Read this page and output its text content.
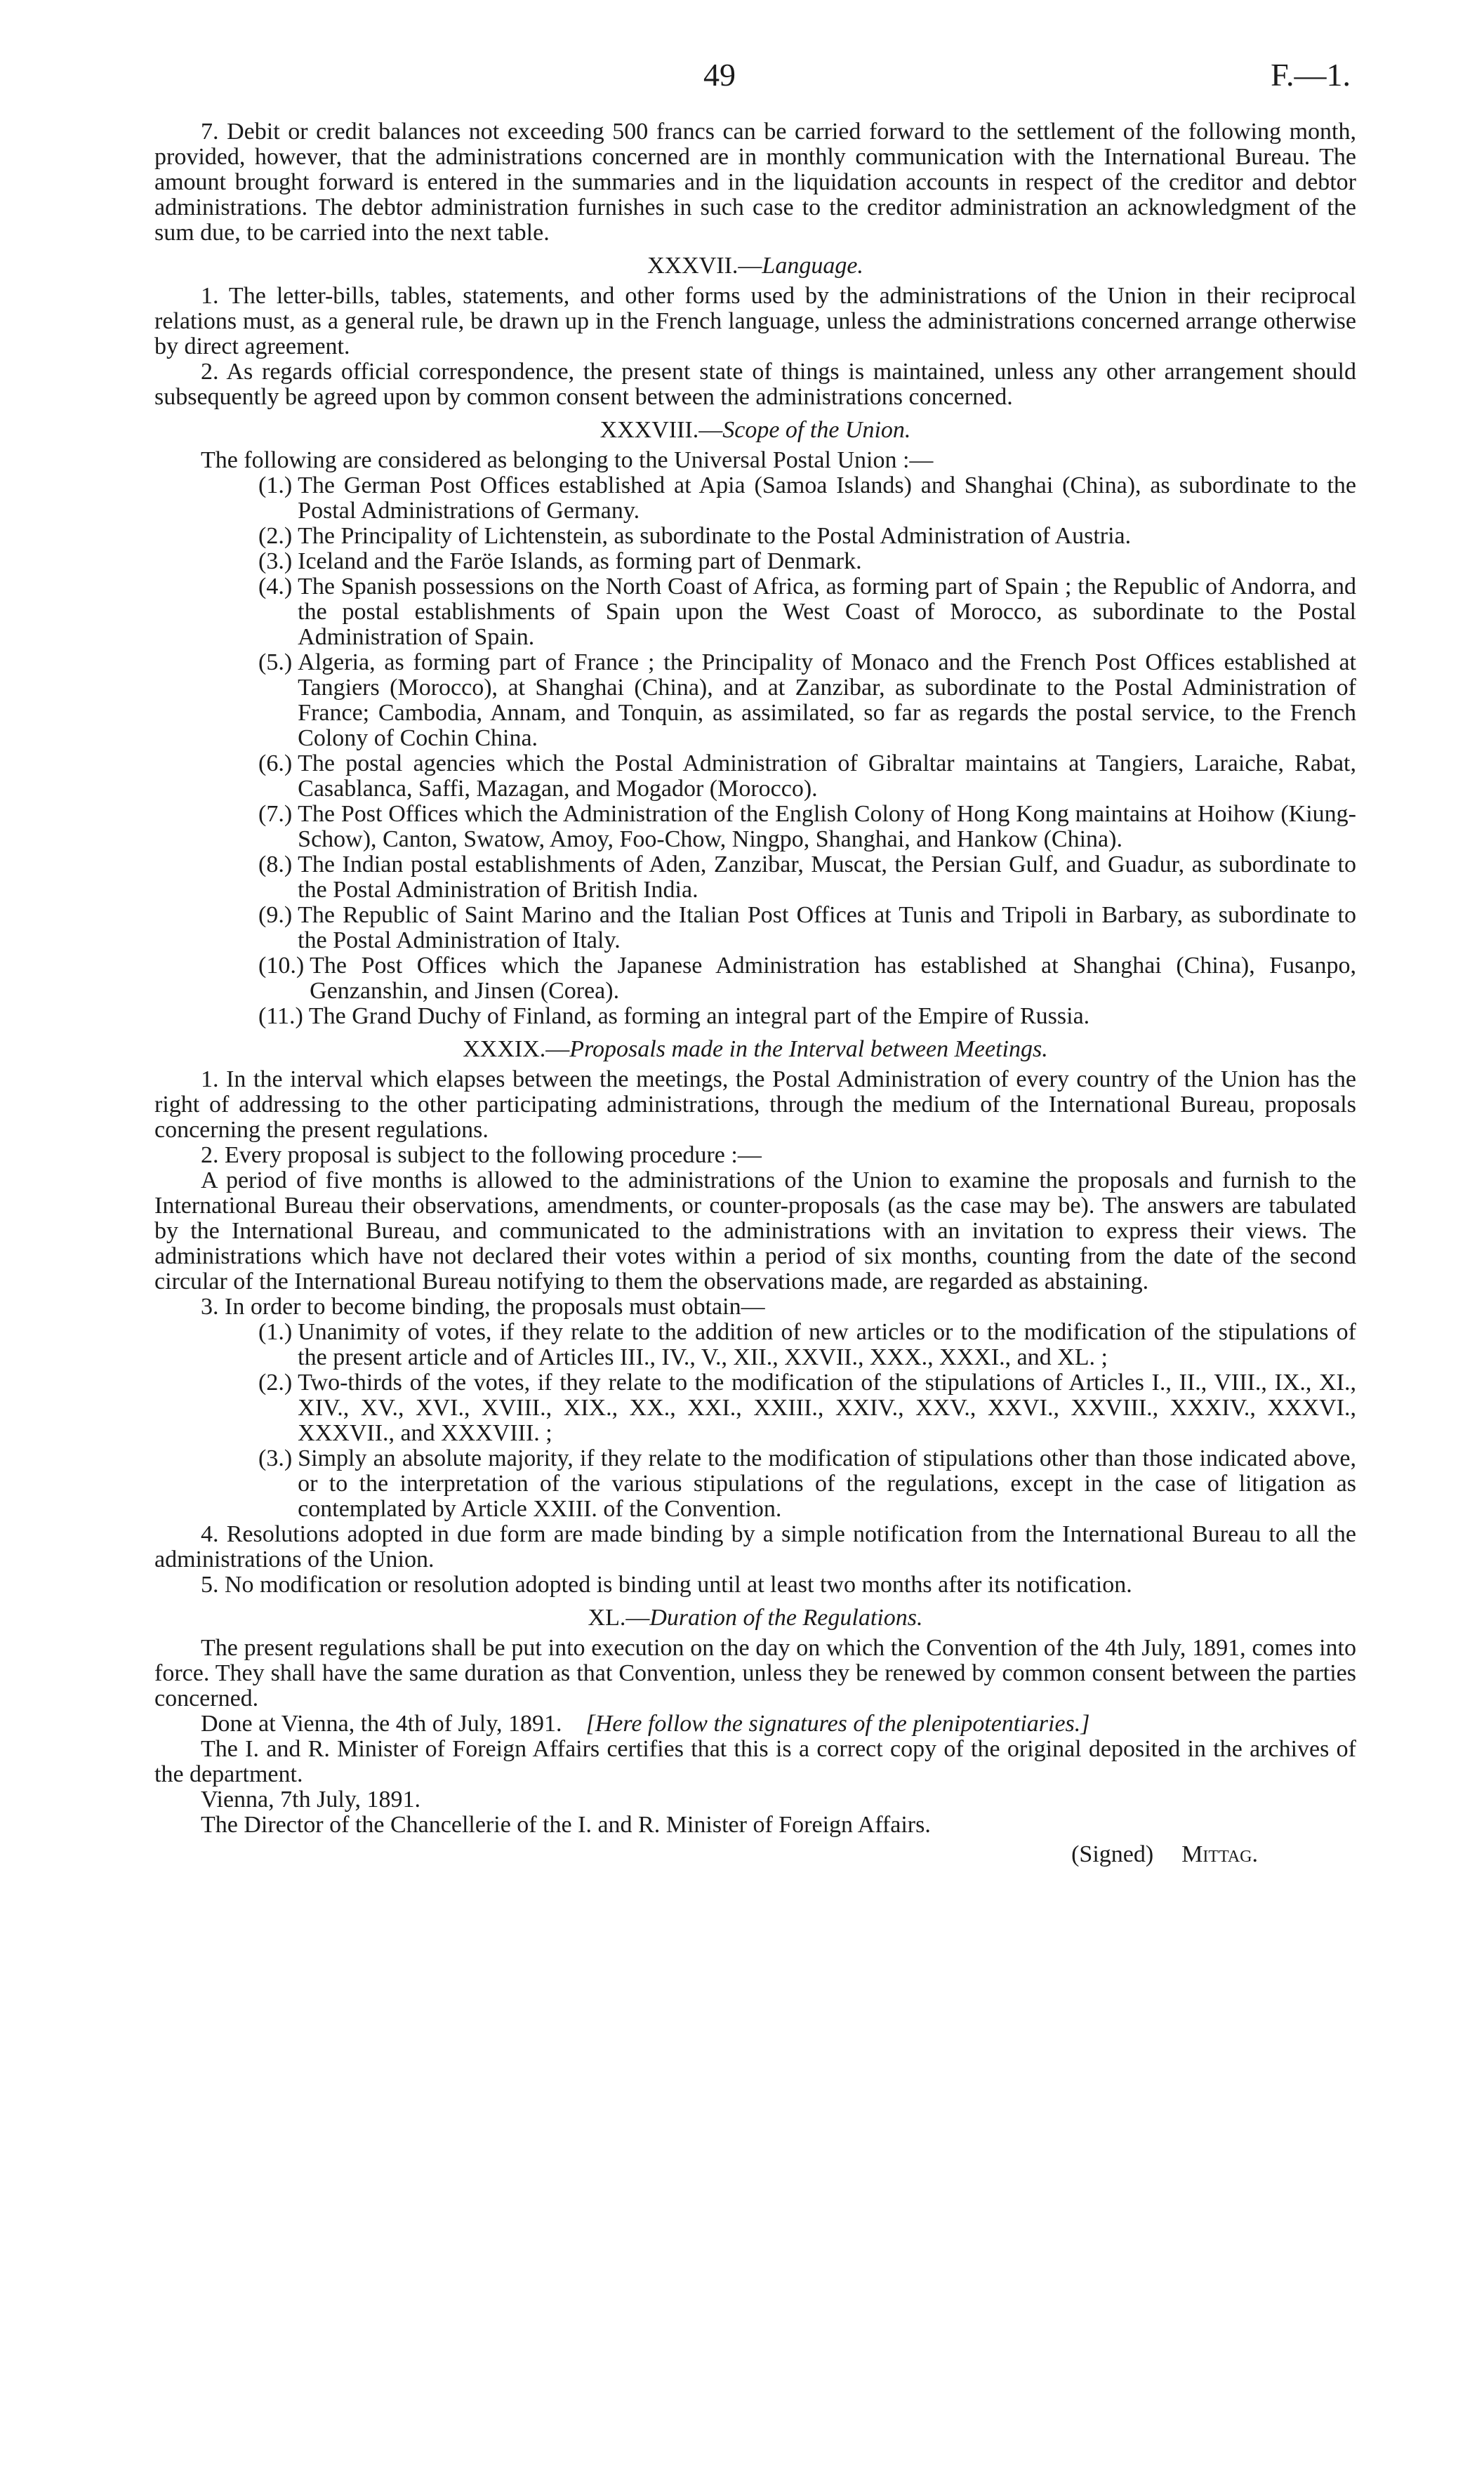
49	F.—1.

7. Debit or credit balances not exceeding 500 francs can be carried forward to the settlement of the following month, provided, however, that the administrations concerned are in monthly communication with the International Bureau. The amount brought forward is entered in the summaries and in the liquidation accounts in respect of the creditor and debtor administrations. The debtor administration furnishes in such case to the creditor administration an acknowledgment of the sum due, to be carried into the next table.

XXXVII.—Language.

1. The letter-bills, tables, statements, and other forms used by the administrations of the Union in their reciprocal relations must, as a general rule, be drawn up in the French language, unless the administrations concerned arrange otherwise by direct agreement.

2. As regards official correspondence, the present state of things is maintained, unless any other arrangement should subsequently be agreed upon by common consent between the administrations concerned.

XXXVIII.—Scope of the Union.

The following are considered as belonging to the Universal Postal Union :—

(1.) The German Post Offices established at Apia (Samoa Islands) and Shanghai (China), as subordinate to the Postal Administrations of Germany.
(2.) The Principality of Lichtenstein, as subordinate to the Postal Administration of Austria.
(3.) Iceland and the Faröe Islands, as forming part of Denmark.
(4.) The Spanish possessions on the North Coast of Africa, as forming part of Spain ; the Republic of Andorra, and the postal establishments of Spain upon the West Coast of Morocco, as subordinate to the Postal Administration of Spain.
(5.) Algeria, as forming part of France ; the Principality of Monaco and the French Post Offices established at Tangiers (Morocco), at Shanghai (China), and at Zanzibar, as subordinate to the Postal Administration of France; Cambodia, Annam, and Tonquin, as assimilated, so far as regards the postal service, to the French Colony of Cochin China.
(6.) The postal agencies which the Postal Administration of Gibraltar maintains at Tangiers, Laraiche, Rabat, Casablanca, Saffi, Mazagan, and Mogador (Morocco).
(7.) The Post Offices which the Administration of the English Colony of Hong Kong maintains at Hoihow (Kiung-Schow), Canton, Swatow, Amoy, Foo-Chow, Ningpo, Shanghai, and Hankow (China).
(8.) The Indian postal establishments of Aden, Zanzibar, Muscat, the Persian Gulf, and Guadur, as subordinate to the Postal Administration of British India.
(9.) The Republic of Saint Marino and the Italian Post Offices at Tunis and Tripoli in Barbary, as subordinate to the Postal Administration of Italy.
(10.) The Post Offices which the Japanese Administration has established at Shanghai (China), Fusanpo, Genzanshin, and Jinsen (Corea).
(11.) The Grand Duchy of Finland, as forming an integral part of the Empire of Russia.
XXXIX.—Proposals made in the Interval between Meetings.

1. In the interval which elapses between the meetings, the Postal Administration of every country of the Union has the right of addressing to the other participating administrations, through the medium of the International Bureau, proposals concerning the present regulations.

2. Every proposal is subject to the following procedure :—

A period of five months is allowed to the administrations of the Union to examine the proposals and furnish to the International Bureau their observations, amendments, or counter-proposals (as the case may be). The answers are tabulated by the International Bureau, and communicated to the administrations with an invitation to express their views. The administrations which have not declared their votes within a period of six months, counting from the date of the second circular of the International Bureau notifying to them the observations made, are regarded as abstaining.

3. In order to become binding, the proposals must obtain—

(1.) Unanimity of votes, if they relate to the addition of new articles or to the modification of the stipulations of the present article and of Articles III., IV., V., XII., XXVII., XXX., XXXI., and XL. ;
(2.) Two-thirds of the votes, if they relate to the modification of the stipulations of Articles I., II., VIII., IX., XI., XIV., XV., XVI., XVIII., XIX., XX., XXI., XXIII., XXIV., XXV., XXVI., XXVIII., XXXIV., XXXVI., XXXVII., and XXXVIII. ;
(3.) Simply an absolute majority, if they relate to the modification of stipulations other than those indicated above, or to the interpretation of the various stipulations of the regulations, except in the case of litigation as contemplated by Article XXIII. of the Convention.

4. Resolutions adopted in due form are made binding by a simple notification from the International Bureau to all the administrations of the Union.

5. No modification or resolution adopted is binding until at least two months after its notification.

XL.—Duration of the Regulations.

The present regulations shall be put into execution on the day on which the Convention of the 4th July, 1891, comes into force. They shall have the same duration as that Convention, unless they be renewed by common consent between the parties concerned.

Done at Vienna, the 4th of July, 1891. [Here follow the signatures of the plenipotentiaries.]

The I. and R. Minister of Foreign Affairs certifies that this is a correct copy of the original deposited in the archives of the department.

Vienna, 7th July, 1891.

The Director of the Chancellerie of the I. and R. Minister of Foreign Affairs.

(Signed) Mittag.
